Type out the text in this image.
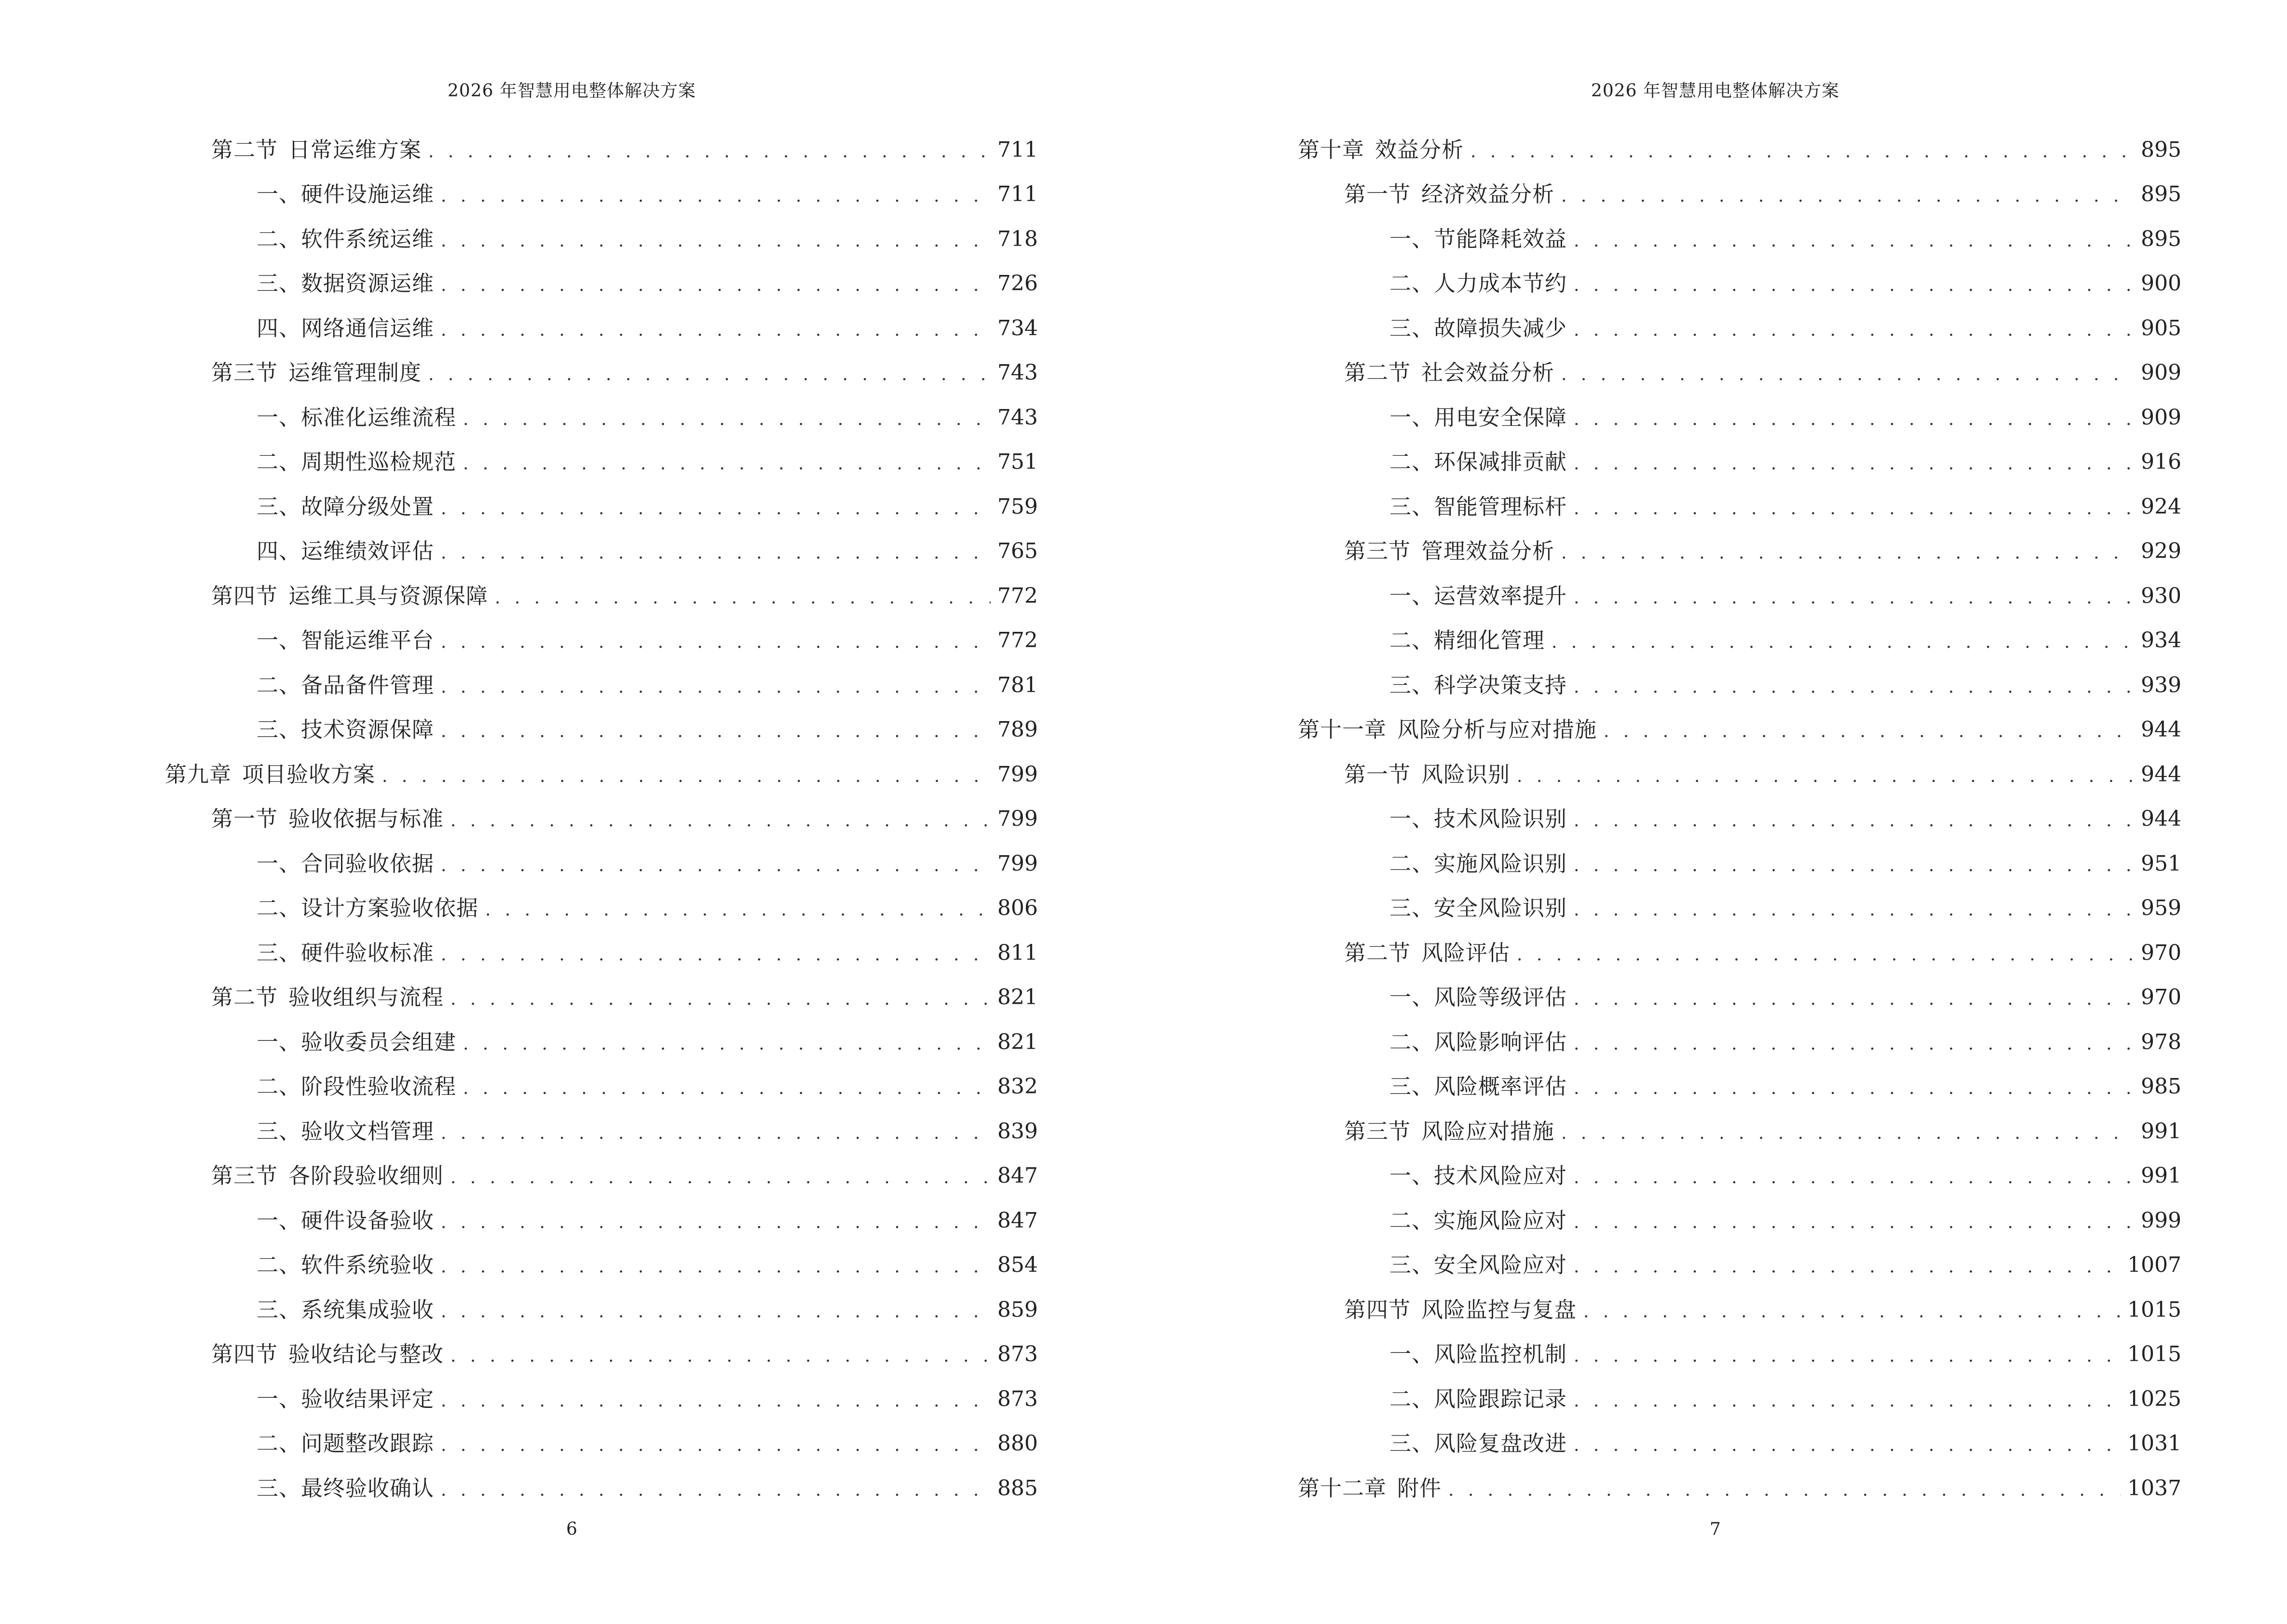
2026 年智慧用电整体解决方案
第二节 日常运维方案 . . .	711
一、硬件设施运维 . . .	711
二、软件系统运维 . . .	718
三、数据资源运维 . . .	726
四、网络通信运维 . . .	734
第三节 运维管理制度 . . .	743
一、标准化运维流程 . . .	743
二、周期性巡检规范 . . .	751
三、故障分级处置 . . .	759
四、运维绩效评估 . . .	765
第四节 运维工具与资源保障 . . .	772
一、智能运维平台 . . .	772
二、备品备件管理 . . .	781
三、技术资源保障 . . .	789
第九章 项目验收方案 . . .	799
第一节 验收依据与标准 . . .	799
一、合同验收依据 . . .	799
二、设计方案验收依据 . . .	806
三、硬件验收标准 . . .	811
第二节 验收组织与流程 . . .	821
一、验收委员会组建 . . .	821
二、阶段性验收流程 . . .	832
三、验收文档管理 . . .	839
第三节 各阶段验收细则 . . .	847
一、硬件设备验收 . . .	847
二、软件系统验收 . . .	854
三、系统集成验收 . . .	859
第四节 验收结论与整改 . . .	873
一、验收结果评定 . . .	873
二、问题整改跟踪 . . .	880
三、最终验收确认 . . .	885
6
2026 年智慧用电整体解决方案
第十章 效益分析 . . .	895
第一节 经济效益分析 . . .	895
一、节能降耗效益 . . .	895
二、人力成本节约 . . .	900
三、故障损失减少 . . .	905
第二节 社会效益分析 . . .	909
一、用电安全保障 . . .	909
二、环保减排贡献 . . .	916
三、智能管理标杆 . . .	924
第三节 管理效益分析 . . .	929
一、运营效率提升 . . .	930
二、精细化管理 . . .	934
三、科学决策支持 . . .	939
第十一章 风险分析与应对措施 . . .	944
第一节 风险识别 . . .	944
一、技术风险识别 . . .	944
二、实施风险识别 . . .	951
三、安全风险识别 . . .	959
第二节 风险评估 . . .	970
一、风险等级评估 . . .	970
二、风险影响评估 . . .	978
三、风险概率评估 . . .	985
第三节 风险应对措施 . . .	991
一、技术风险应对 . . .	991
二、实施风险应对 . . .	999
三、安全风险应对 . . .	1007
第四节 风险监控与复盘 . . .	1015
一、风险监控机制 . . .	1015
二、风险跟踪记录 . . .	1025
三、风险复盘改进 . . .	1031
第十二章 附件 . . .	1037
7
